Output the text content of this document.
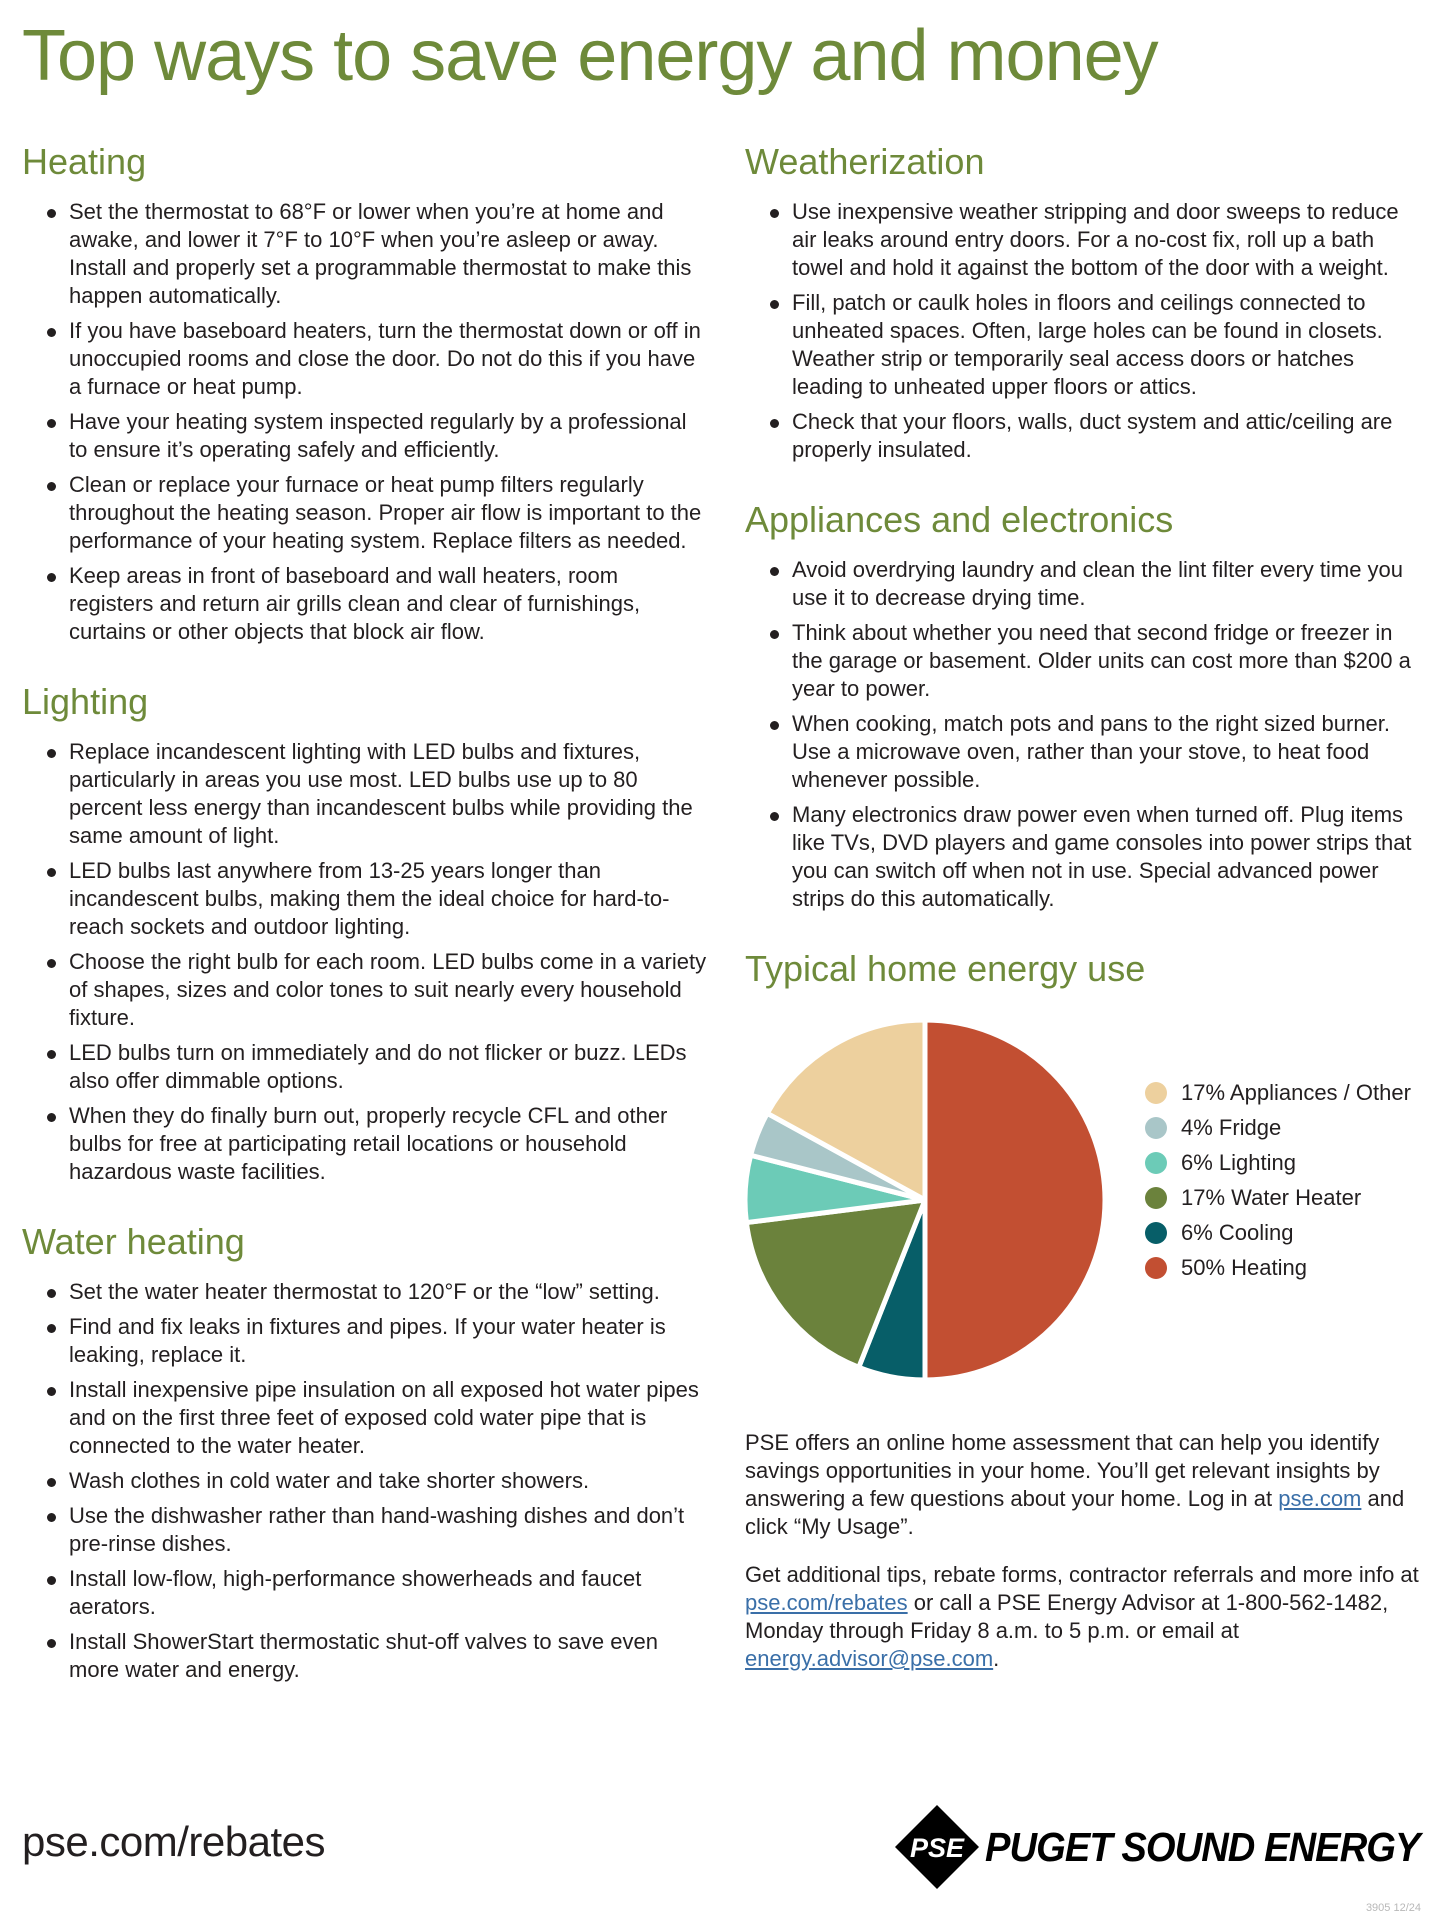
Top ways to save energy and money
Heating
Set the thermostat to 68°F or lower when you’re at home and awake, and lower it 7°F to 10°F when you’re asleep or away. Install and properly set a programmable thermostat to make this happen automatically.
If you have baseboard heaters, turn the thermostat down or off in unoccupied rooms and close the door. Do not do this if you have a furnace or heat pump.
Have your heating system inspected regularly by a professional to ensure it’s operating safely and efficiently.
Clean or replace your furnace or heat pump filters regularly throughout the heating season. Proper air flow is important to the performance of your heating system. Replace filters as needed.
Keep areas in front of baseboard and wall heaters, room registers and return air grills clean and clear of furnishings, curtains or other objects that block air flow.
Lighting
Replace incandescent lighting with LED bulbs and fixtures, particularly in areas you use most. LED bulbs use up to 80 percent less energy than incandescent bulbs while providing the same amount of light.
LED bulbs last anywhere from 13-25 years longer than incandescent bulbs, making them the ideal choice for hard-to-reach sockets and outdoor lighting.
Choose the right bulb for each room. LED bulbs come in a variety of shapes, sizes and color tones to suit nearly every household fixture.
LED bulbs turn on immediately and do not flicker or buzz. LEDs also offer dimmable options.
When they do finally burn out, properly recycle CFL and other bulbs for free at participating retail locations or household hazardous waste facilities.
Water heating
Set the water heater thermostat to 120°F or the “low” setting.
Find and fix leaks in fixtures and pipes. If your water heater is leaking, replace it.
Install inexpensive pipe insulation on all exposed hot water pipes and on the first three feet of exposed cold water pipe that is connected to the water heater.
Wash clothes in cold water and take shorter showers.
Use the dishwasher rather than hand-washing dishes and don’t pre-rinse dishes.
Install low-flow, high-performance showerheads and faucet aerators.
Install ShowerStart thermostatic shut-off valves to save even more water and energy.
Weatherization
Use inexpensive weather stripping and door sweeps to reduce air leaks around entry doors. For a no-cost fix, roll up a bath towel and hold it against the bottom of the door with a weight.
Fill, patch or caulk holes in floors and ceilings connected to unheated spaces. Often, large holes can be found in closets. Weather strip or temporarily seal access doors or hatches leading to unheated upper floors or attics.
Check that your floors, walls, duct system and attic/ceiling are properly insulated.
Appliances and electronics
Avoid overdrying laundry and clean the lint filter every time you use it to decrease drying time.
Think about whether you need that second fridge or freezer in the garage or basement. Older units can cost more than $200 a year to power.
When cooking, match pots and pans to the right sized burner. Use a microwave oven, rather than your stove, to heat food whenever possible.
Many electronics draw power even when turned off. Plug items like TVs, DVD players and game consoles into power strips that you can switch off when not in use. Special advanced power strips do this automatically.
Typical home energy use
17% Appliances / Other
4% Fridge
6% Lighting
17% Water Heater
6% Cooling
50% Heating

PSE offers an online home assessment that can help you identify savings opportunities in your home. You’ll get relevant insights by answering a few questions about your home. Log in at pse.com and click “My Usage”.

Get additional tips, rebate forms, contractor referrals and more info at pse.com/rebates or call a PSE Energy Advisor at 1-800-562-1482, Monday through Friday 8 a.m. to 5 p.m. or email at energy.advisor@pse.com.

pse.com/rebates	PSE PUGET SOUND ENERGY
3905 12/24
